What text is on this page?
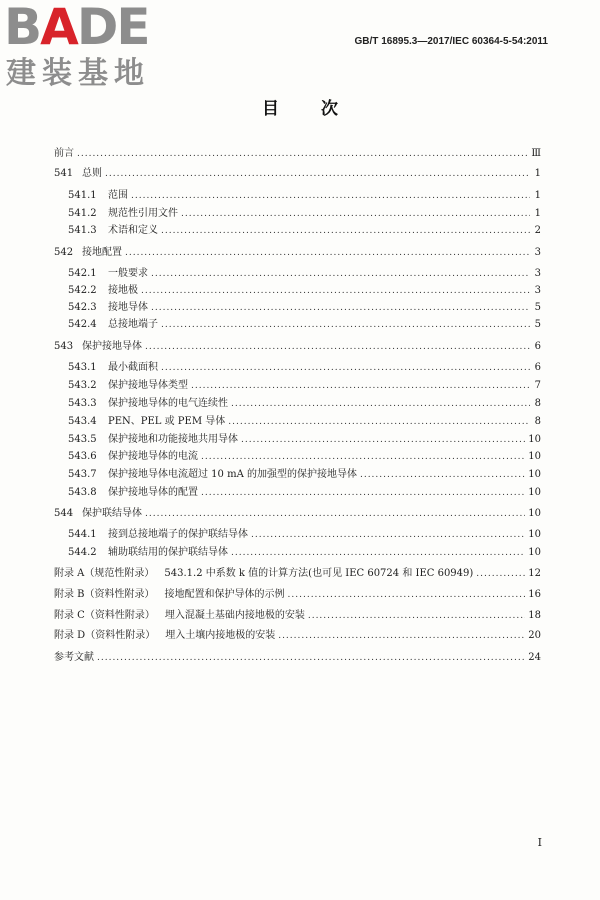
B A D E
建装基地
GB/T 16895.3—2017/IEC 60364-5-54:2011
目 次
前言 .....	Ⅲ
541 总则 .....	1
541.1	范围 .....	1
541.2	规范性引用文件 .....	1
541.3	术语和定义 .....	2
542 接地配置 .....	3
542.1	一般要求 .....	3
542.2	接地极 .....	3
542.3	接地导体 .....	5
542.4	总接地端子 .....	5
543 保护接地导体 .....	6
543.1	最小截面积 .....	6
543.2	保护接地导体类型 .....	7
543.3	保护接地导体的电气连续性 .....	8
543.4	PEN、PEL 或 PEM 导体 .....	8
543.5	保护接地和功能接地共用导体 .....	10
543.6	保护接地导体的电流 .....	10
543.7	保护接地导体电流超过 10 mA 的加强型的保护接地导体 .....	10
543.8	保护接地导体的配置 .....	10
544 保护联结导体 .....	10
544.1	接到总接地端子的保护联结导体 .....	10
544.2	辅助联结用的保护联结导体 .....	10
附录 A（规范性附录） 543.1.2 中系数 k 值的计算方法(也可见 IEC 60724 和 IEC 60949) .....	12
附录 B（资料性附录） 接地配置和保护导体的示例 .....	16
附录 C（资料性附录） 埋入混凝土基础内接地极的安装 .....	18
附录 D（资料性附录） 埋入土壤内接地极的安装 .....	20
参考文献 .....	24
I
